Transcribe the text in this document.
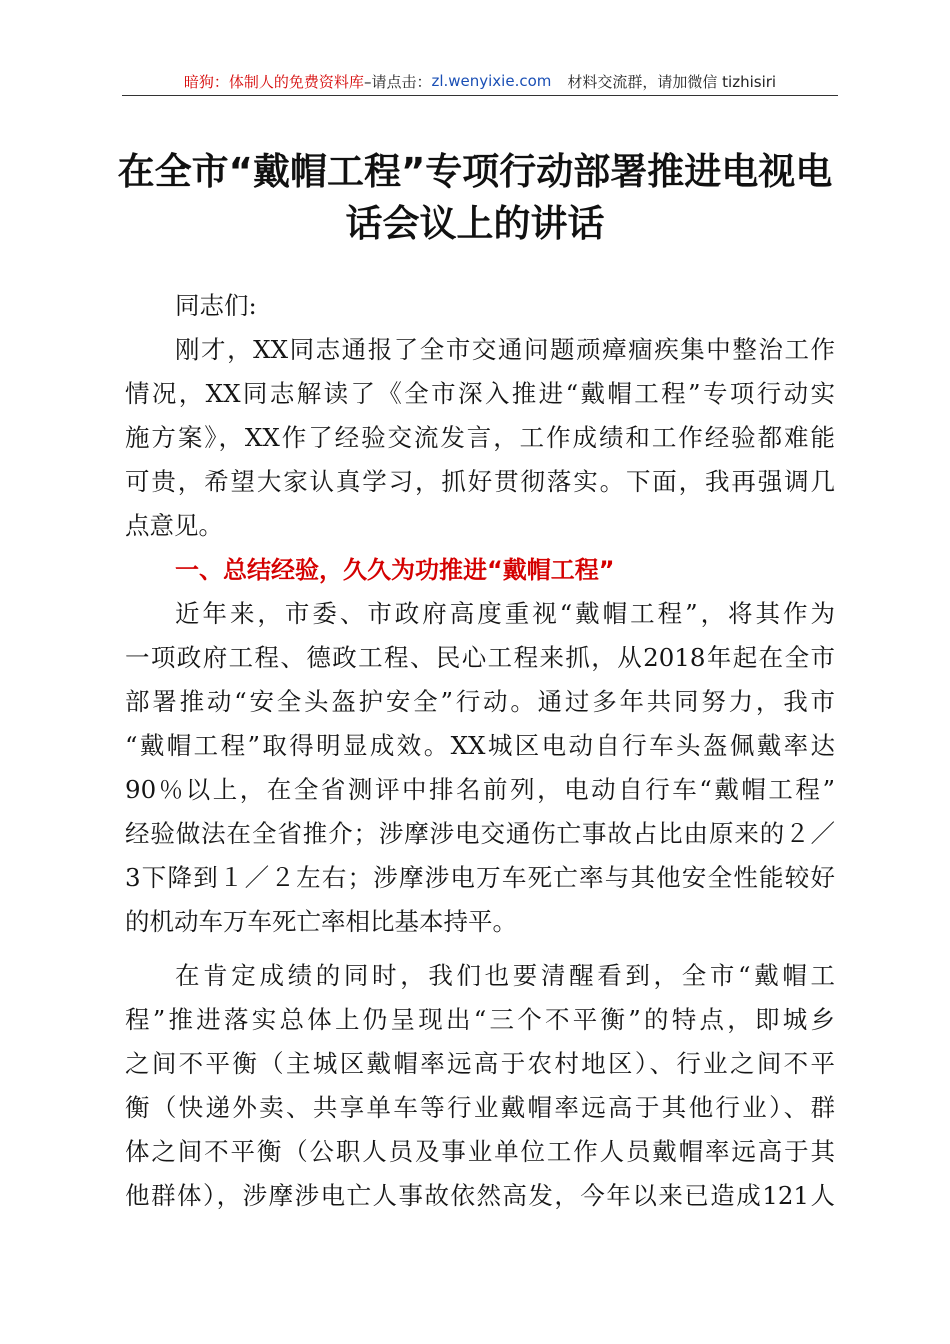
暗狗：体制人的免费资料库 –请点击： zl.wenyixie.com 材料交流群，请加微信 tizhisiri
在全市“戴帽工程”专项行动部署推进电视电
话会议上的讲话
同志们:
刚才，XX同志通报了全市交通问题顽瘴痼疾集中整治工作
情况，XX同志解读了《全市深入推进“戴帽工程”专项行动实
施方案》，XX作了经验交流发言，工作成绩和工作经验都难能
可贵，希望大家认真学习，抓好贯彻落实。下面，我再强调几
点意见。
一、总结经验，久久为功推进“戴帽工程”
近年来，市委、市政府高度重视“戴帽工程”，将其作为
一项政府工程、德政工程、民心工程来抓，从2018年起在全市
部署推动“安全头盔护安全”行动。通过多年共同努力，我市
“戴帽工程”取得明显成效。XX城区电动自行车头盔佩戴率达
90％以上，在全省测评中排名前列，电动自行车“戴帽工程”
经验做法在全省推介；涉摩涉电交通伤亡事故占比由原来的２／
3下降到１／２左右；涉摩涉电万车死亡率与其他安全性能较好
的机动车万车死亡率相比基本持平。
在肯定成绩的同时，我们也要清醒看到，全市“戴帽工
程”推进落实总体上仍呈现出“三个不平衡”的特点，即城乡
之间不平衡（主城区戴帽率远高于农村地区）、行业之间不平
衡（快递外卖、共享单车等行业戴帽率远高于其他行业）、群
体之间不平衡（公职人员及事业单位工作人员戴帽率远高于其
他群体），涉摩涉电亡人事故依然高发，今年以来已造成121人
